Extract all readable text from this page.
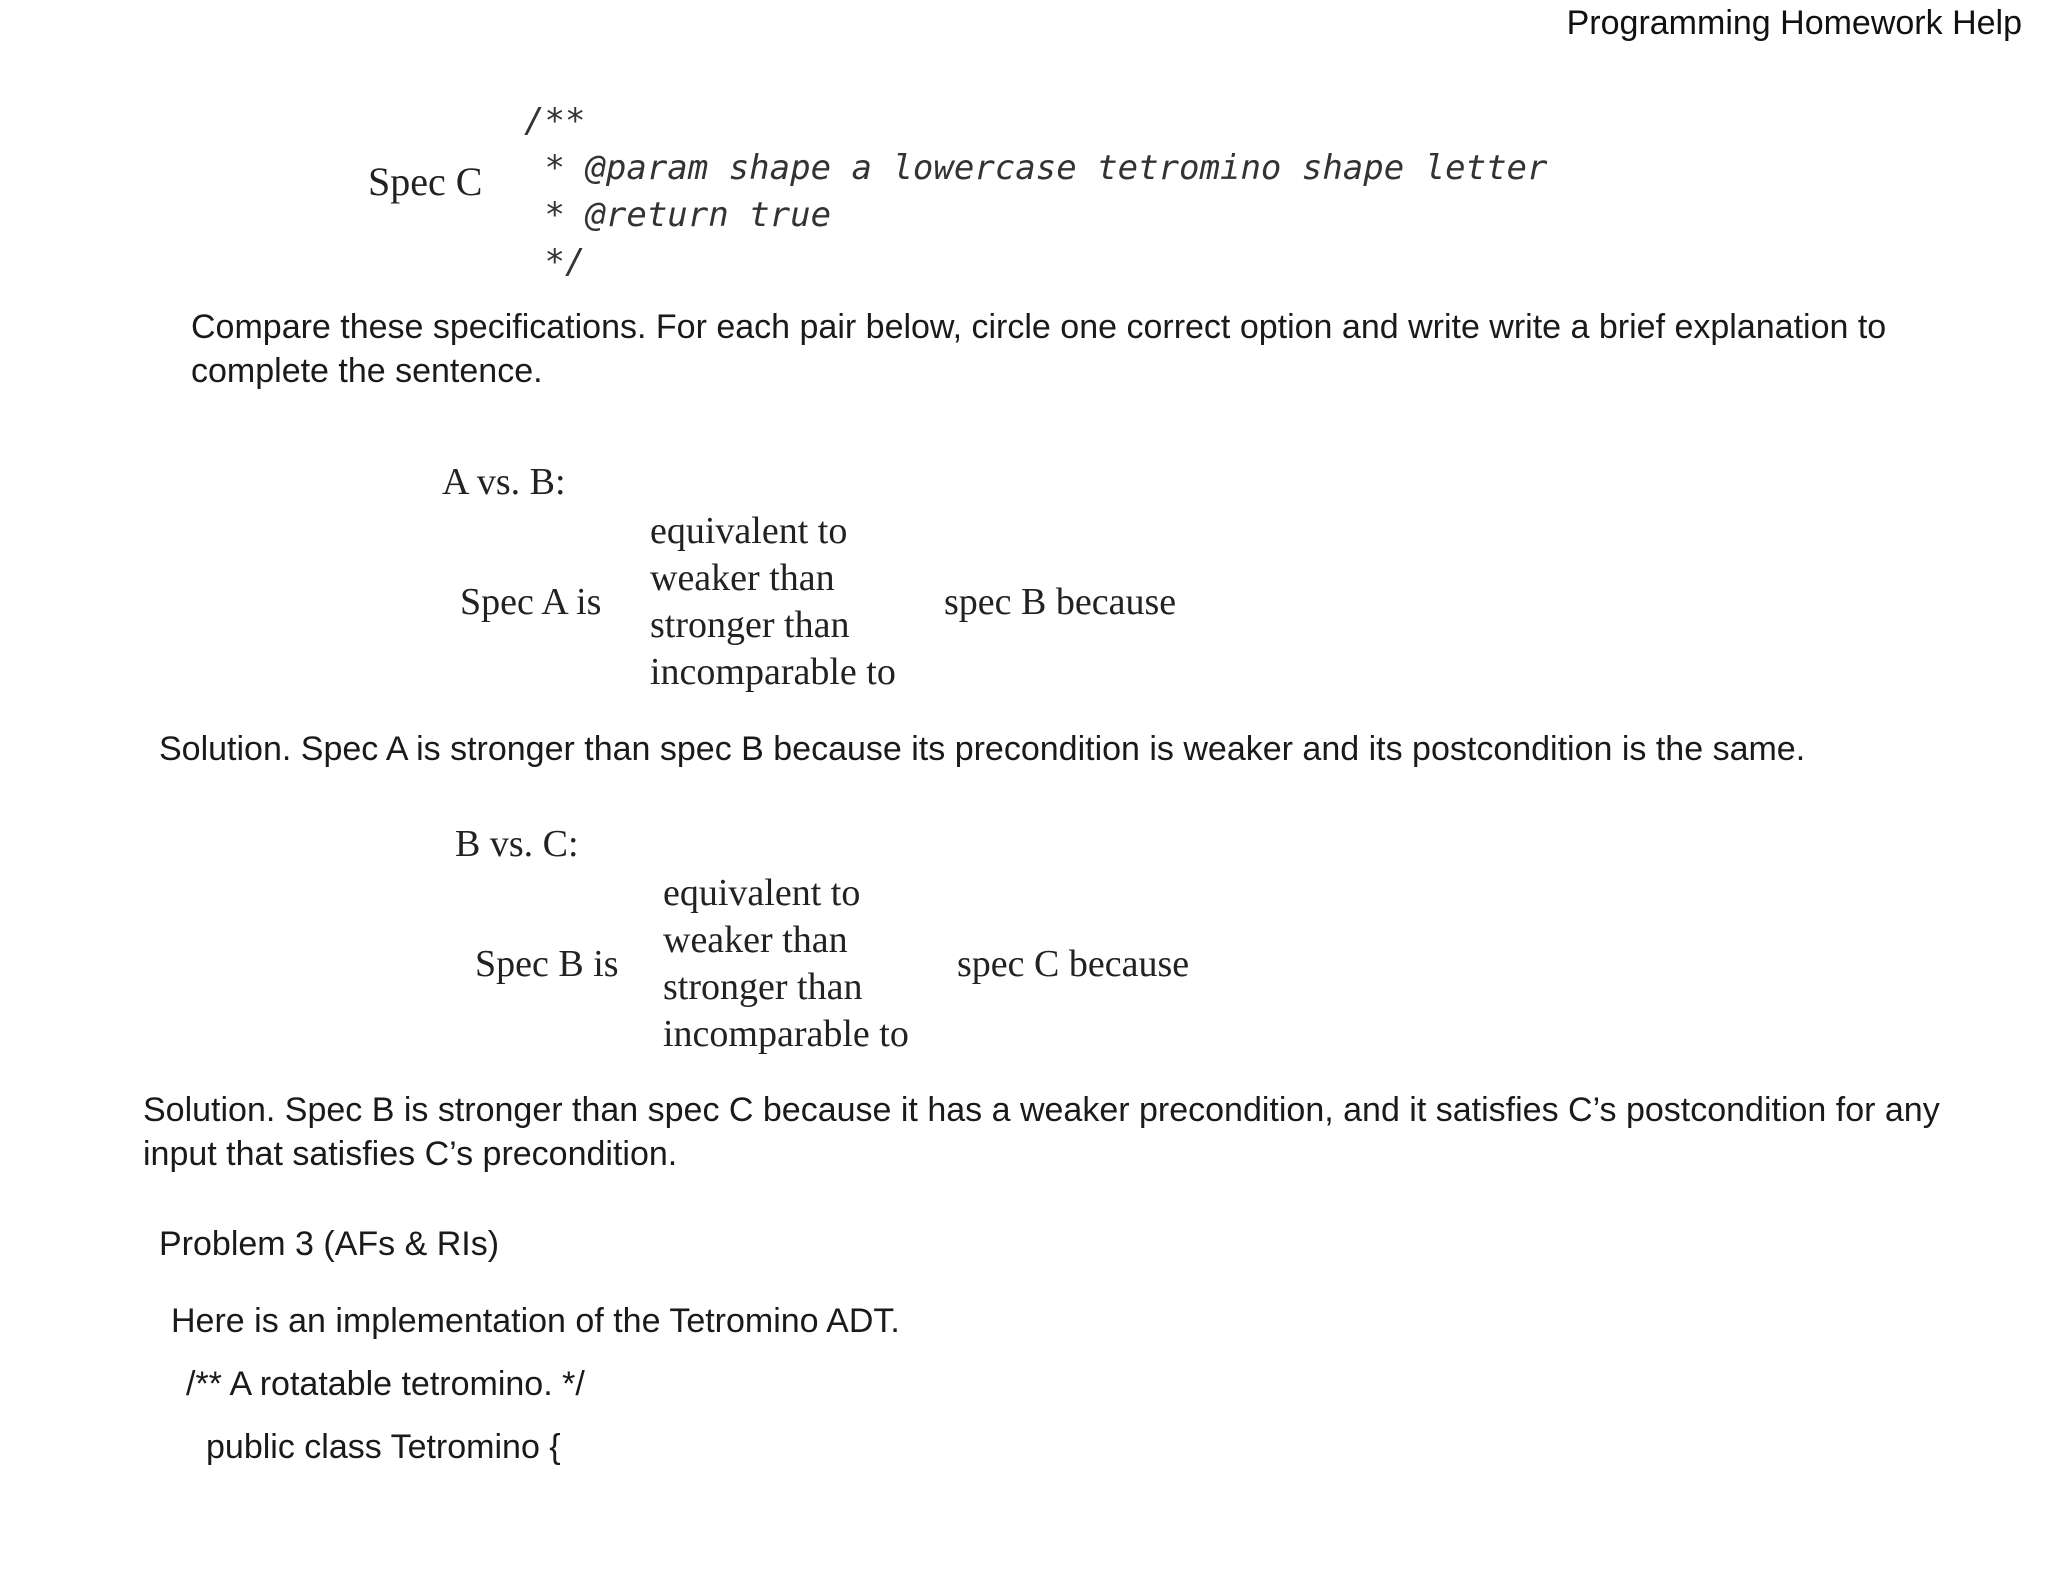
Programming Homework Help
Spec C
/**
* @param shape a lowercase tetromino shape letter
* @return true
*/
Compare these specifications. For each pair below, circle one correct option and write write a brief explanation to complete the sentence.
A vs. B:
Spec A is
equivalent to
weaker than
stronger than
incomparable to
spec B because
Solution. Spec A is stronger than spec B because its precondition is weaker and its postcondition is the same.
B vs. C:
Spec B is
equivalent to
weaker than
stronger than
incomparable to
spec C because
Solution. Spec B is stronger than spec C because it has a weaker precondition, and it satisfies C’s postcondition for any input that satisfies C’s precondition.
Problem 3 (AFs & RIs)
Here is an implementation of the Tetromino ADT.
/** A rotatable tetromino. */
public class Tetromino {
